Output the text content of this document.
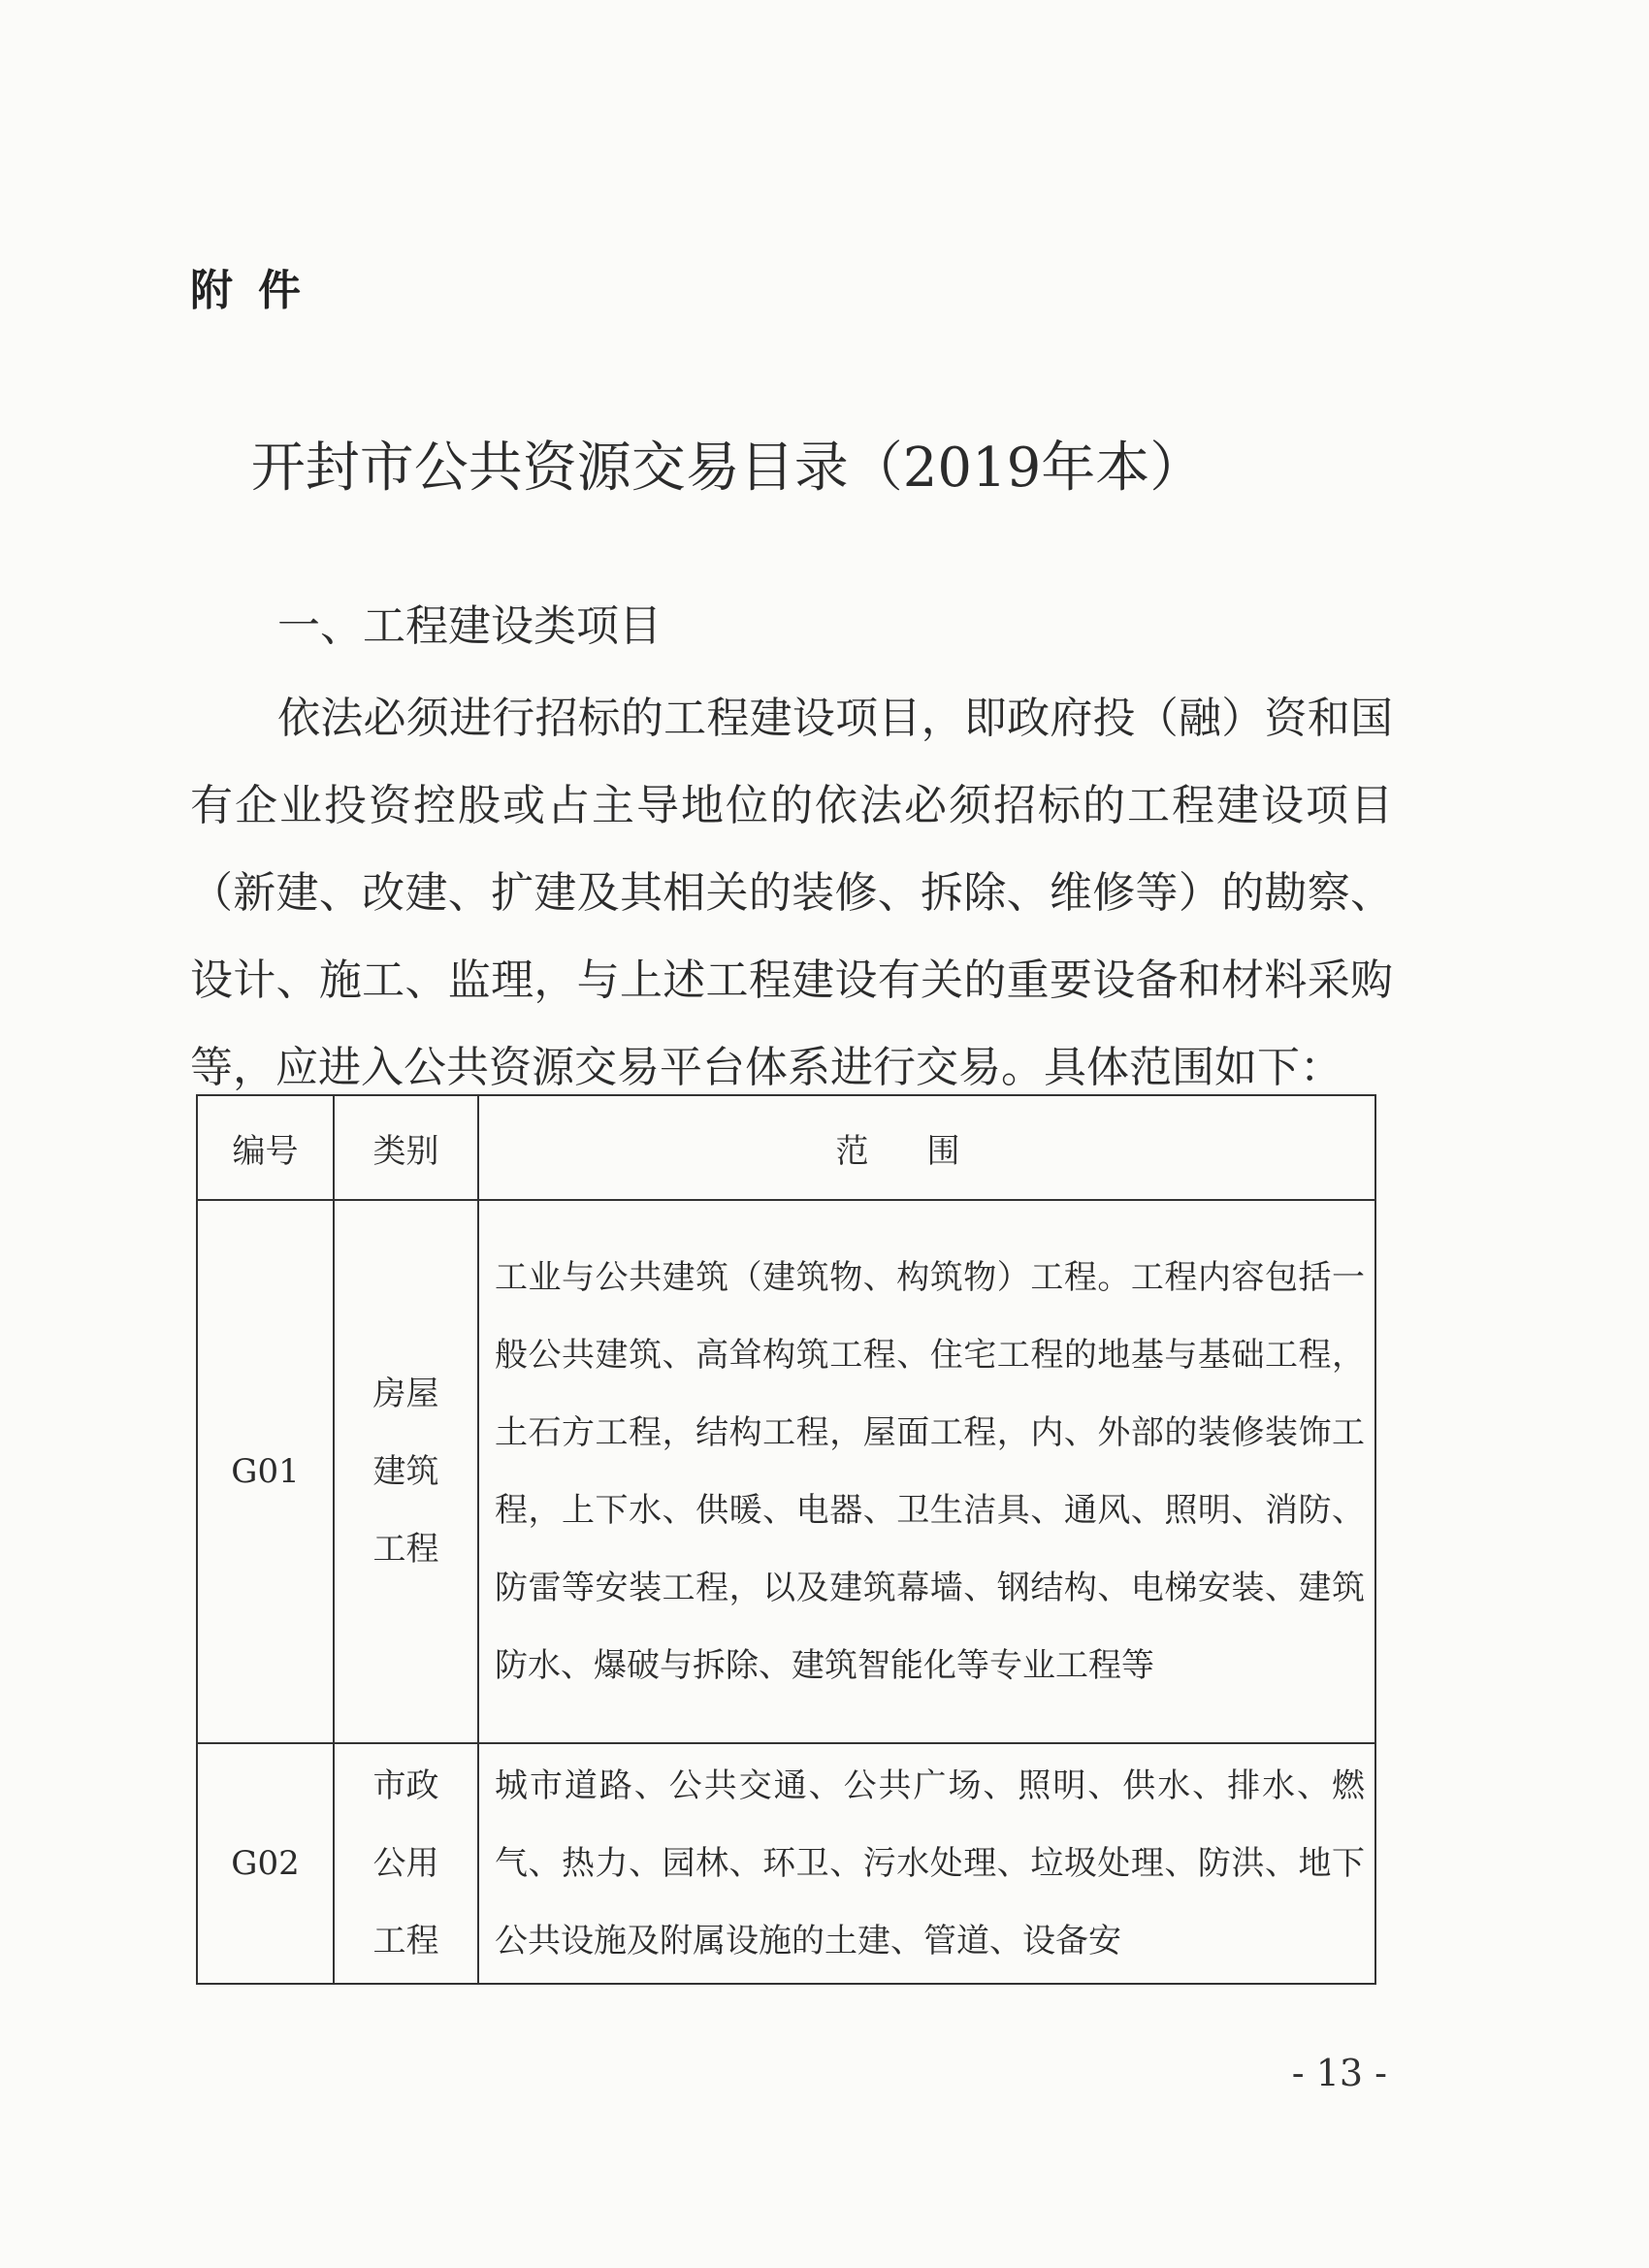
附件
开封市公共资源交易目录（2019年本）
一、工程建设类项目

依法必须进行招标的工程建设项目，即政府投（融）资和国有企业投资控股或占主导地位的依法必须招标的工程建设项目（新建、改建、扩建及其相关的装修、拆除、维修等）的勘察、设计、施工、监理，与上述工程建设有关的重要设备和材料采购等，应进入公共资源交易平台体系进行交易。具体范围如下：

编号	类别	范围
G01	房屋
建筑
工程	工业与公共建筑（建筑物、构筑物）工程。工程内容包括一般公共建筑、高耸构筑工程、住宅工程的地基与基础工程，土石方工程，结构工程，屋面工程，内、外部的装修装饰工程，上下水、供暖、电器、卫生洁具、通风、照明、消防、防雷等安装工程，以及建筑幕墙、钢结构、电梯安装、建筑防水、爆破与拆除、建筑智能化等专业工程等
G02	市政
公用
工程	城市道路、公共交通、公共广场、照明、供水、排水、燃气、热力、园林、环卫、污水处理、垃圾处理、防洪、地下公共设施及附属设施的土建、管道、设备安
- 13 -
